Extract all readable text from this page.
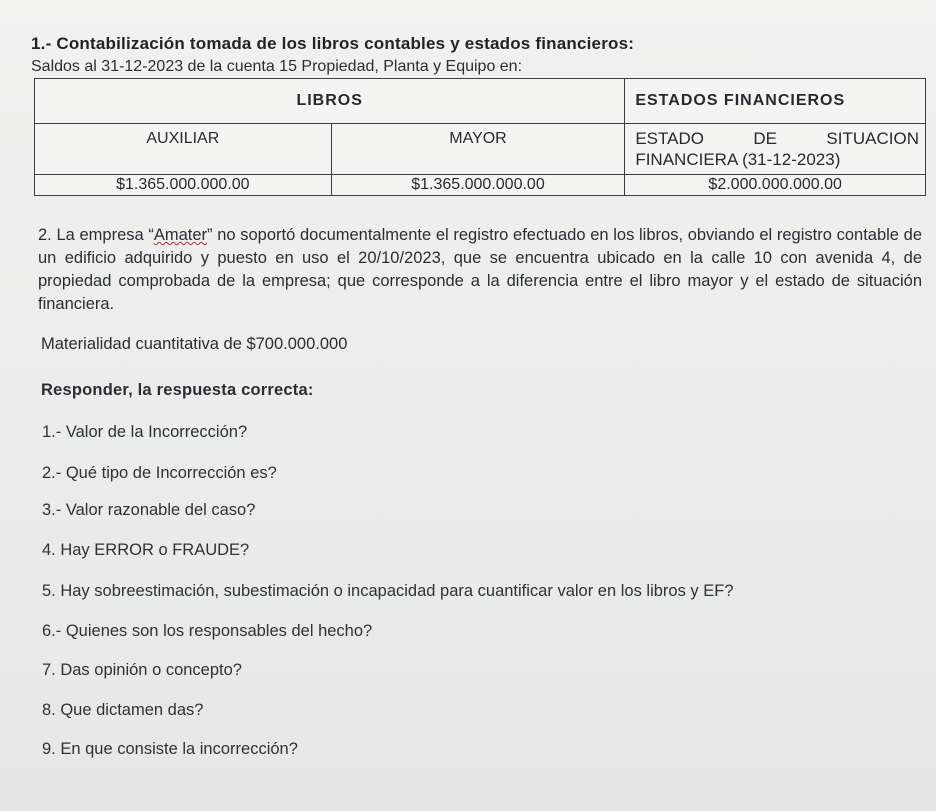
1.- Contabilización tomada de los libros contables y estados financieros:
Saldos al 31-12-2023 de la cuenta 15 Propiedad, Planta y Equipo en:
LIBROS		ESTADOS FINANCIEROS
AUXILIAR	MAYOR	ESTADO DE SITUACION
FINANCIERA (31-12-2023)

$1.365.000.000.00	$1.365.000.000.00	$2.000.000.000.00
2. La empresa “Amater” no soportó documentalmente el registro efectuado en los libros, obviando el registro contable de un edificio adquirido y puesto en uso el 20/10/2023, que se encuentra ubicado en la calle 10 con avenida 4, de propiedad comprobada de la empresa; que corresponde a la diferencia entre el libro mayor y el estado de situación financiera.
Materialidad cuantitativa de $700.000.000
Responder, la respuesta correcta:
1.- Valor de la Incorrección?
2.- Qué tipo de Incorrección es?
3.- Valor razonable del caso?
4. Hay ERROR o FRAUDE?
5. Hay sobreestimación, subestimación o incapacidad para cuantificar valor en los libros y EF?
6.- Quienes son los responsables del hecho?
7. Das opinión o concepto?
8. Que dictamen das?
9. En que consiste la incorrección?
